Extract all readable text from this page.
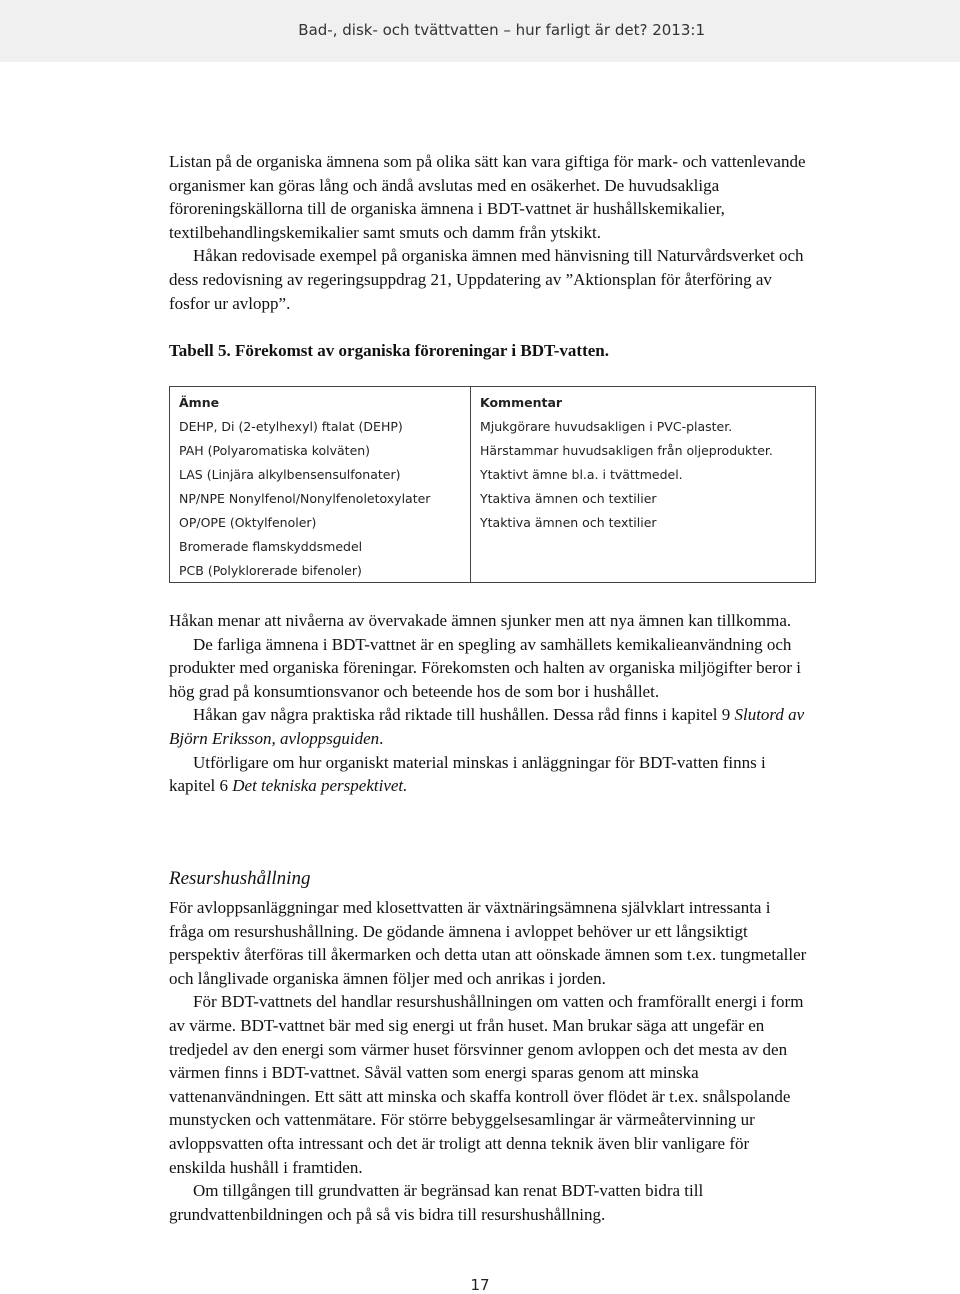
Bad-, disk- och tvättvatten – hur farligt är det? 2013:1

Listan på de organiska ämnena som på olika sätt kan vara giftiga för mark- och vattenlevande organismer kan göras lång och ändå avslutas med en osäkerhet. De huvudsakliga föroreningskällorna till de organiska ämnena i BDT-vattnet är hushållskemikalier, textilbehandlingskemikalier samt smuts och damm från ytskikt.

Håkan redovisade exempel på organiska ämnen med hänvisning till Naturvårdsverket och dess redovisning av regeringsuppdrag 21, Uppdatering av ”Aktionsplan för återföring av fosfor ur avlopp”.

Tabell 5. Förekomst av organiska föroreningar i BDT-vatten.

Ämne	Kommentar
DEHP, Di (2-etylhexyl) ftalat (DEHP)	Mjukgörare huvudsakligen i PVC-plaster.
PAH (Polyaromatiska kolväten)	Härstammar huvudsakligen från oljeprodukter.
LAS (Linjära alkylbensensulfonater)	Ytaktivt ämne bl.a. i tvättmedel.
NP/NPE Nonylfenol/Nonylfenoletoxylater	Ytaktiva ämnen och textilier
OP/OPE (Oktylfenoler)	Ytaktiva ämnen och textilier
Bromerade flamskyddsmedel	
PCB (Polyklorerade bifenoler)	

Håkan menar att nivåerna av övervakade ämnen sjunker men att nya ämnen kan tillkomma.

De farliga ämnena i BDT-vattnet är en spegling av samhällets kemikalieanvändning och produkter med organiska föreningar. Förekomsten och halten av organiska miljögifter beror i hög grad på konsumtionsvanor och beteende hos de som bor i hushållet.

Håkan gav några praktiska råd riktade till hushållen. Dessa råd finns i kapitel 9 Slutord av Björn Eriksson, avloppsguiden.

Utförligare om hur organiskt material minskas i anläggningar för BDT-vatten finns i kapitel 6 Det tekniska perspektivet.

Resurshushållning

För avloppsanläggningar med klosettvatten är växtnäringsämnena självklart intressanta i fråga om resurshushållning. De gödande ämnena i avloppet behöver ur ett långsiktigt perspektiv återföras till åkermarken och detta utan att oönskade ämnen som t.ex. tungmetaller och långlivade organiska ämnen följer med och anrikas i jorden.

För BDT-vattnets del handlar resurshushållningen om vatten och framförallt energi i form av värme. BDT-vattnet bär med sig energi ut från huset. Man brukar säga att ungefär en tredjedel av den energi som värmer huset försvinner genom avloppen och det mesta av den värmen finns i BDT-vattnet. Såväl vatten som energi sparas genom att minska vattenanvändningen. Ett sätt att minska och skaffa kontroll över flödet är t.ex. snålspolande munstycken och vattenmätare. För större bebyggelsesamlingar är värmeåtervinning ur avloppsvatten ofta intressant och det är troligt att denna teknik även blir vanligare för enskilda hushåll i framtiden.

Om tillgången till grundvatten är begränsad kan renat BDT-vatten bidra till grundvattenbildningen och på så vis bidra till resurshushållning.

17
